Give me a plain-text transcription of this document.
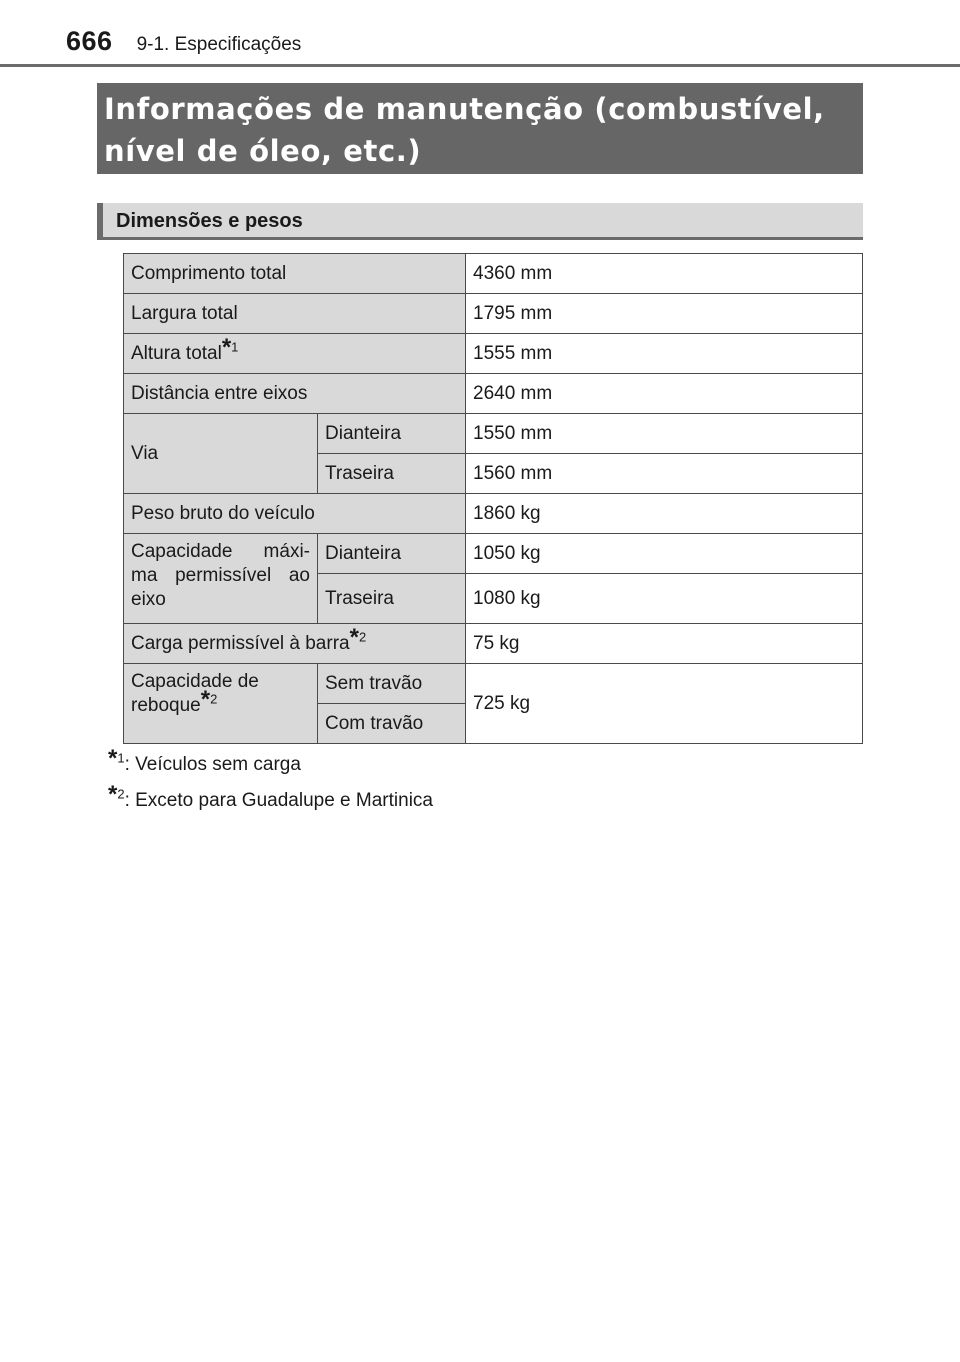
666 9-1. Especificações
Informações de manutenção (combustível,
nível de óleo, etc.)
Dimensões e pesos
Comprimento total		4360 mm
Largura total		1795 mm
Altura total*$^1$		1555 mm
Distância entre eixos		2640 mm
Via	Dianteira	1550 mm
	Traseira	1560 mm
Peso bruto do veículo		1860 kg

Capacidade máxi-
ma permissível ao
eixo	Dianteira	1050 kg
	Traseira	1080 kg
Carga permissível à barra*$^2$		75 kg

Capacidade de
reboque*$^2$	Sem travão	725 kg
	Com travão	
*$^1$: Veículos sem carga
*$^2$: Exceto para Guadalupe e Martinica
